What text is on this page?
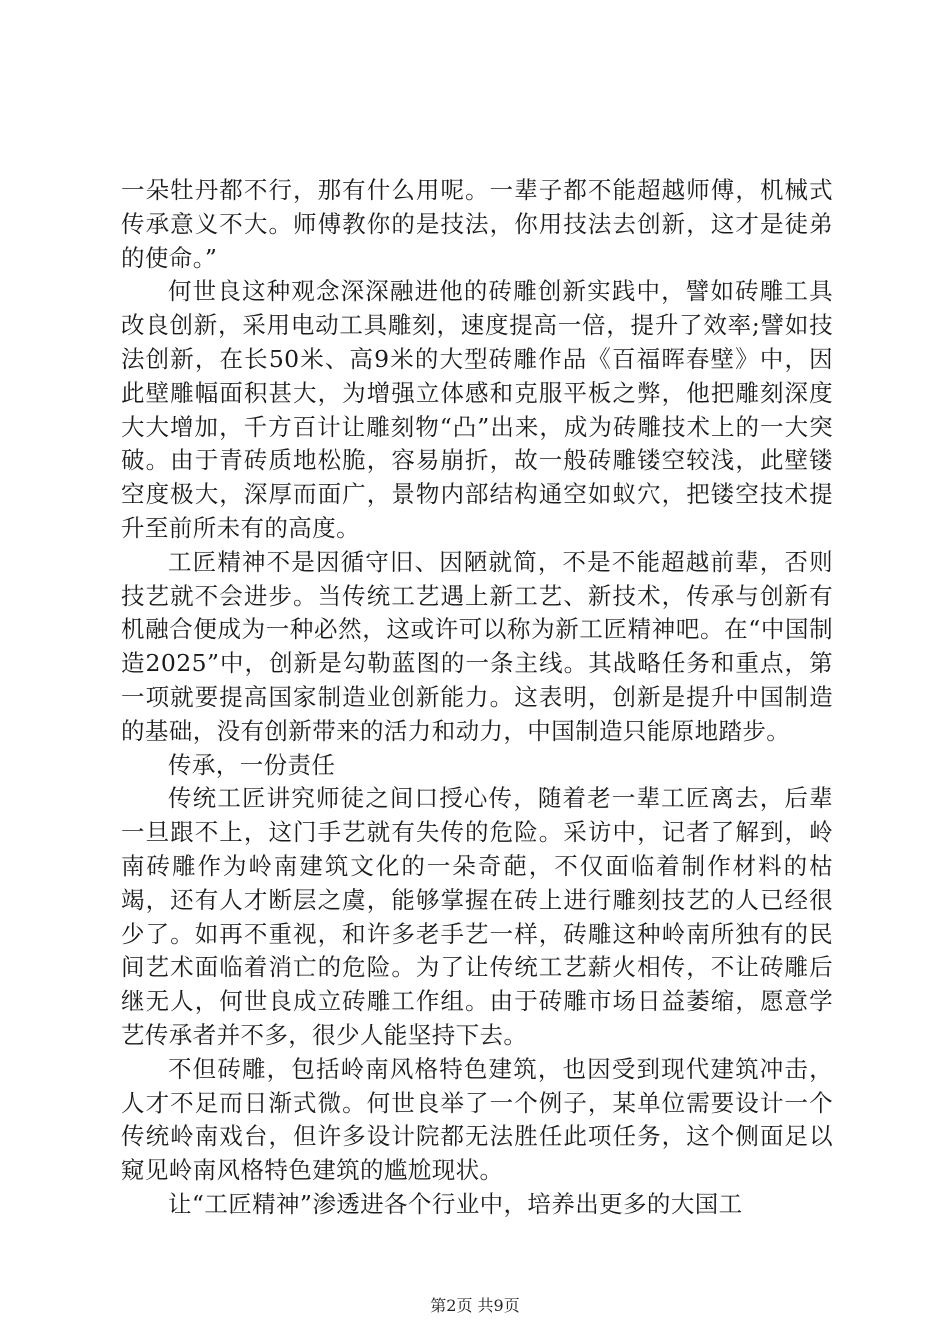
一朵牡丹都不行，那有什么用呢。一辈子都不能超越师傅，机械式传承意义不大。师傅教你的是技法，你用技法去创新，这才是徒弟的使命。”

何世良这种观念深深融进他的砖雕创新实践中，譬如砖雕工具改良创新，采用电动工具雕刻，速度提高一倍，提升了效率;譬如技法创新，在长50米、高9米的大型砖雕作品《百福晖春壁》中，因此壁雕幅面积甚大，为增强立体感和克服平板之弊，他把雕刻深度大大增加，千方百计让雕刻物“凸”出来，成为砖雕技术上的一大突破。由于青砖质地松脆，容易崩折，故一般砖雕镂空较浅，此壁镂空度极大，深厚而面广，景物内部结构通空如蚁穴，把镂空技术提升至前所未有的高度。

工匠精神不是因循守旧、因陋就简，不是不能超越前辈，否则技艺就不会进步。当传统工艺遇上新工艺、新技术，传承与创新有机融合便成为一种必然，这或许可以称为新工匠精神吧。在“中国制造2025”中，创新是勾勒蓝图的一条主线。其战略任务和重点，第一项就要提高国家制造业创新能力。这表明，创新是提升中国制造的基础，没有创新带来的活力和动力，中国制造只能原地踏步。

传承，一份责任

传统工匠讲究师徒之间口授心传，随着老一辈工匠离去，后辈一旦跟不上，这门手艺就有失传的危险。采访中，记者了解到，岭南砖雕作为岭南建筑文化的一朵奇葩，不仅面临着制作材料的枯竭，还有人才断层之虞，能够掌握在砖上进行雕刻技艺的人已经很少了。如再不重视，和许多老手艺一样，砖雕这种岭南所独有的民间艺术面临着消亡的危险。为了让传统工艺薪火相传，不让砖雕后继无人，何世良成立砖雕工作组。由于砖雕市场日益萎缩，愿意学艺传承者并不多，很少人能坚持下去。

不但砖雕，包括岭南风格特色建筑，也因受到现代建筑冲击，人才不足而日渐式微。何世良举了一个例子，某单位需要设计一个传统岭南戏台，但许多设计院都无法胜任此项任务，这个侧面足以窥见岭南风格特色建筑的尴尬现状。

让“工匠精神”渗透进各个行业中，培养出更多的大国工

第2页 共9页
